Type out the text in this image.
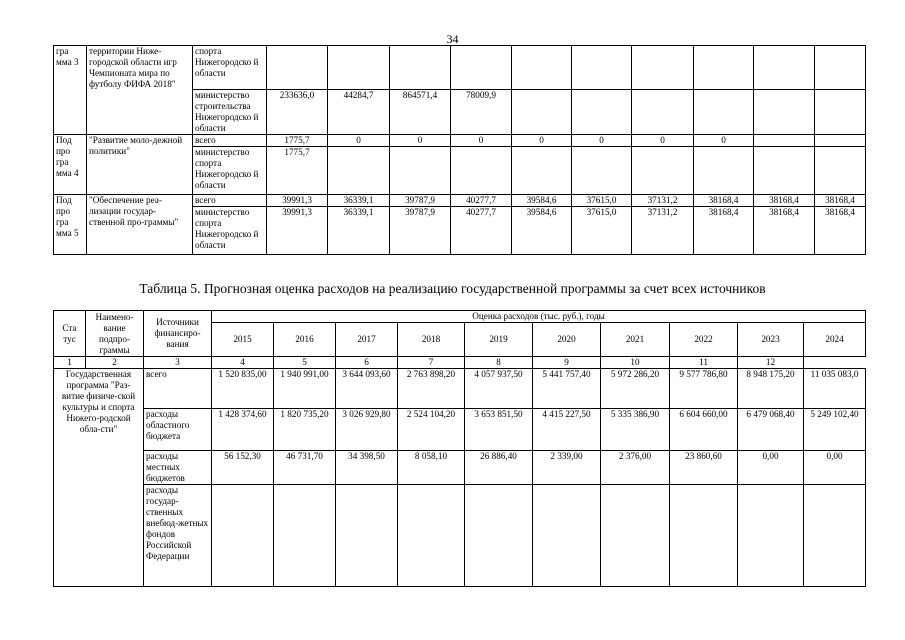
34
гра мма 3	территории Ниже-городской области игр Чемпионата мира по футболу ФИФА 2018"	спорта Нижегородско й области										
		министерство строительства Нижегородско й области	233636,0	44284,7	864571,4	78009,9						
Под про гра мма 4	"Развитие моло-дежной политики"	всего	1775,7	0	0	0	0	0	0	0		
		министерство спорта Нижегородско й области	1775,7									
Под про гра мма 5	"Обеспечение реа-лизации государ-ственной про-граммы"	всего	39991,3	36339,1	39787,9	40277,7	39584,6	37615,0	37131,2	38168,4	38168,4	38168,4
		министерство спорта Нижегородско й области	39991,3	36339,1	39787,9	40277,7	39584,6	37615,0	37131,2	38168,4	38168,4	38168,4
Таблица 5. Прогнозная оценка расходов на реализацию государственной программы за счет всех источников
Ста тус	Наимено-вание подпро-граммы	Источники финансиро-вания	Оценка расходов (тыс. руб.), годы									
			2015	2016	2017	2018	2019	2020	2021	2022	2023	2024
1	2	3	4	5	6	7	8	9	10	11	12	
Государственная программа "Раз-витие физиче-ской культуры и спорта Нижего-родской обла-сти"		всего	1 520 835,00	1 940 991,00	3 644 093,60	2 763 898,20	4 057 937,50	5 441 757,40	5 972 286,20	9 577 786,80	8 948 175,20	11 035 083,0
		расходы областного бюджета	1 428 374,60	1 820 735,20	3 026 929,80	2 524 104,20	3 653 851,50	4 415 227,50	5 335 386,90	6 604 660,00	6 479 068,40	5 249 102,40
		расходы местных бюджетов	56 152,30	46 731,70	34 398,50	8 058,10	26 886,40	2 339,00	2 376,00	23 860,60	0,00	0,00
		расходы государ-ственных внебюд-жетных фондов Российской Федерации										
